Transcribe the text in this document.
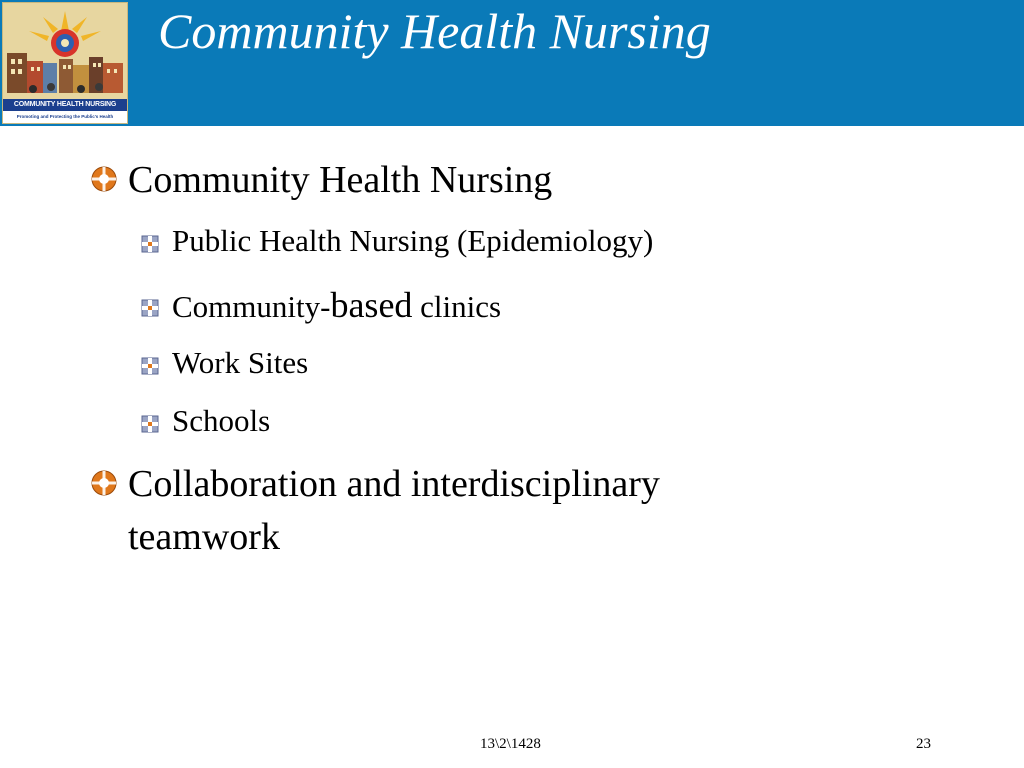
COMMUNITY HEALTH NURSING
Promoting and Protecting the Public's Health
Community Health Nursing
Community Health Nursing
Public Health Nursing (Epidemiology)
Community-based clinics
Work Sites
Schools
Collaboration and interdisciplinary teamwork
13\2\1428	23
